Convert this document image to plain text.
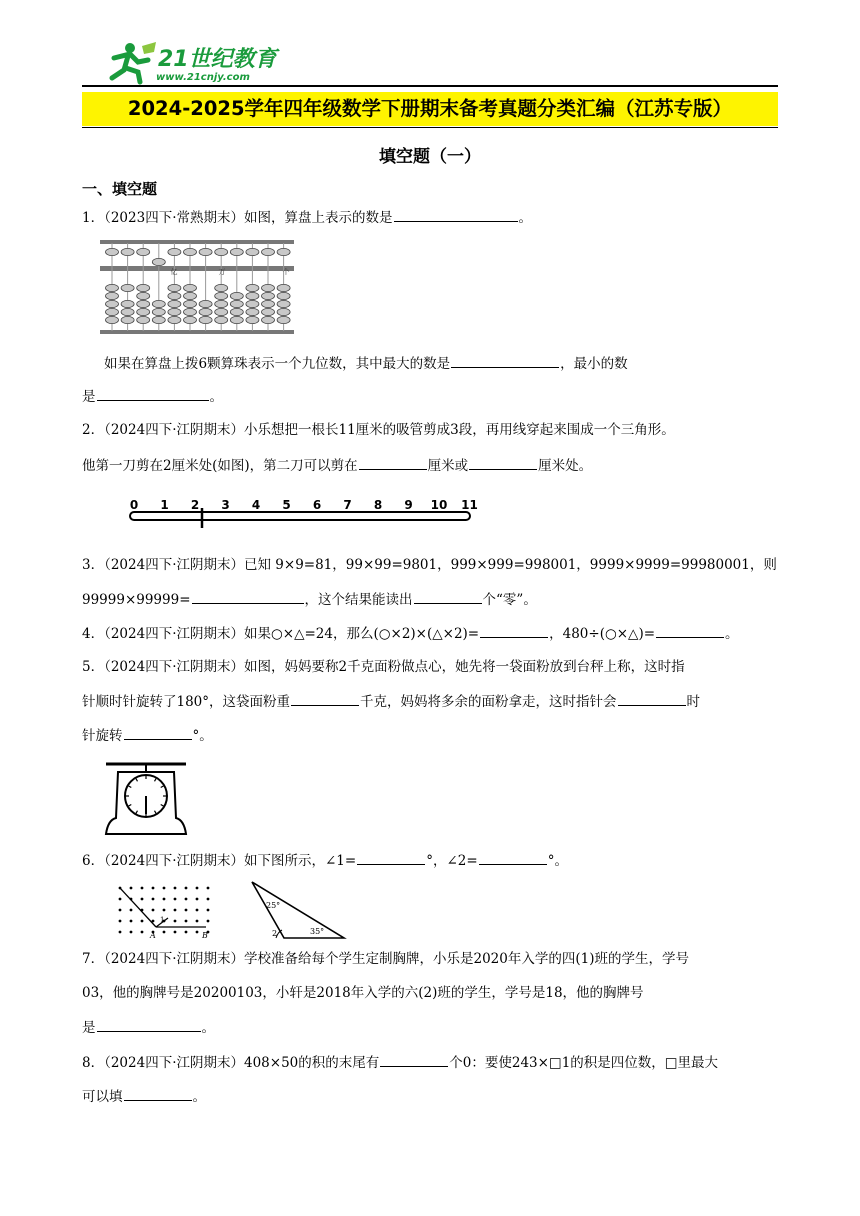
21世纪教育
www.21cnjy.com
2024-2025学年四年级数学下册期末备考真题分类汇编（江苏专版）
填空题（一）
一、填空题
1．（2023四下·常熟期末）如图，算盘上表示的数是	。
亿	万	个
如果在算盘上拨6颗算珠表示一个九位数，其中最大的数是	，最小的数
是	。
2．（2024四下·江阴期末）小乐想把一根长11厘米的吸管剪成3段，再用线穿起来围成一个三角形。
他第一刀剪在2厘米处(如图)，第二刀可以剪在	厘米或	厘米处。
0 1 2 3 4 5 6 7 8 9 10 11
3．（2024四下·江阴期末）已知 9×9=81，99×99=9801，999×999=998001，9999×9999=99980001，则
99999×99999=	，这个结果能读出	个“零”。
4．（2024四下·江阴期末）如果○×△=24，那么(○×2)×(△×2)=	，480÷(○×△)=	。
5．（2024四下·江阴期末）如图，妈妈要称2千克面粉做点心，她先将一袋面粉放到台秤上称，这时指
针顺时针旋转了180°，这袋面粉重	千克，妈妈将多余的面粉拿走，这时指针会	时
针旋转	°。
6．（2024四下·江阴期末）如下图所示，∠1=	°，∠2=	°。
1
A	B
25°
2	35°
7．（2024四下·江阴期末）学校准备给每个学生定制胸牌，小乐是2020年入学的四(1)班的学生，学号
03，他的胸牌号是20200103，小轩是2018年入学的六(2)班的学生，学号是18，他的胸牌号
是	。
8．（2024四下·江阴期末）408×50的积的末尾有	个0：要使243×□1的积是四位数，□里最大
可以填	。
